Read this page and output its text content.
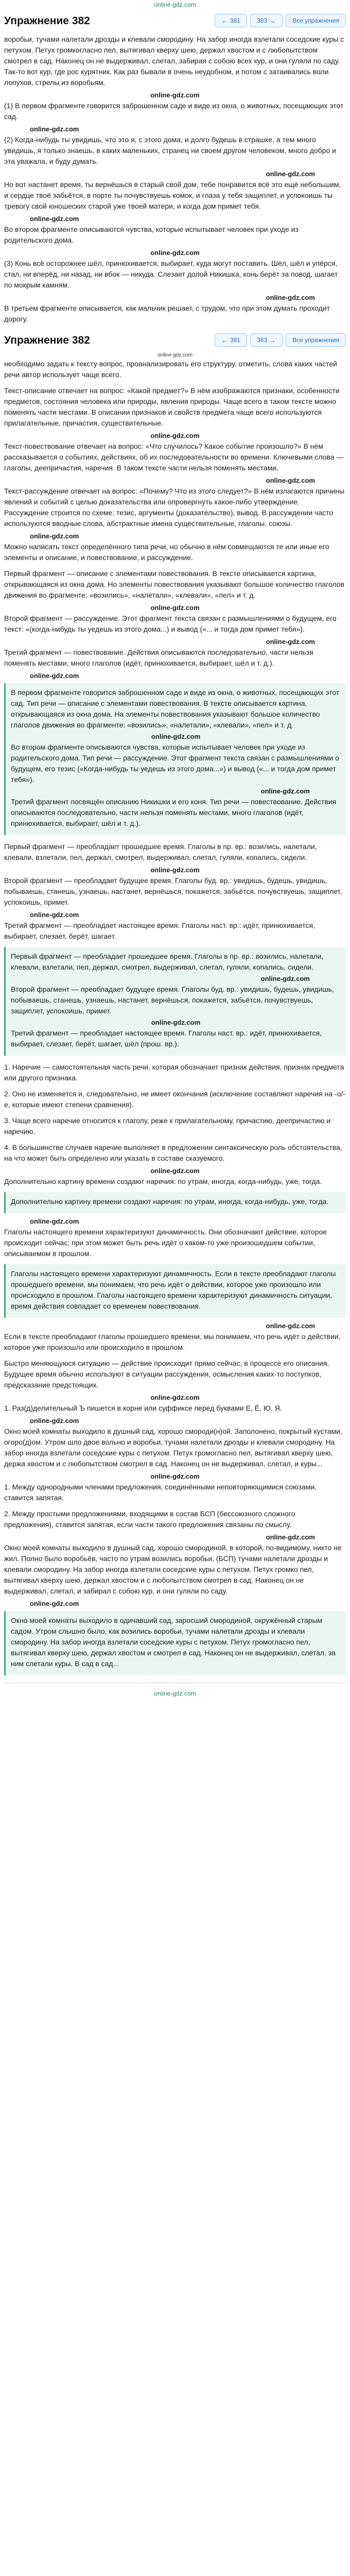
online-gdz.com
Упражнение 382	← 381	383 →	Все упражнения

воробьи, тучами налетали дрозды и клевали смородину. На забор иногда взлетали соседские куры с петухом. Петух громкогласно пел, вытягивал кверху шею, держал хвостом и с любопытством смотрел в сад. Наконец он не выдерживал, слетал, забирая с собою всех кур, и они гуляли по саду. Так-то вот кур, где рос курятник. Как раз бывали в очень неудобном, и потом с затаивались воли лопухов, стрелы из воробьям.

online-gdz.com

(1) В первом фрагменте говорится заброшенном саде и виде из окна, о животных, посещающих этот сад.

online-gdz.com

(2) Когда-нибудь ты увидишь, что это я, с этого дома, и долго будешь в страшке, а тем много увидишь, я только знаешь, в каких маленьких, странец ни своем другом человеком, много добро и эта уважала, и буду думать.

online-gdz.com

Но вот настанет время, ты вернёшься в старый свой дом, тебе понравится всё это ещё небольшим, и сердце твоё забьётся, в порте ты почувствуешь комок, и глаза у тебя защиплет, и успокоишь ты тревогу свой юношеских старой уже твоей матери, и когда дом примет тебя.

online-gdz.com

Во втором фрагменте описываются чувства, которые испытывает человек при уходе из родительского дома.

online-gdz.com

(3) Конь всё осторожнее шёл, принюхивается, выбирает, куда могут поставить. Шёл, шёл и упёрся, стал, ни вперёд, ни назад, ни вбок — никуда. Слезает долой Никишка, конь берёт за повод, шагает по мокрым камням.

online-gdz.com

В третьем фрагменте описывается, как мальчик решает, с трудом, что при этом думать проходит дорогу.

Упражнение 382	← 381	383 →	Все упражнения
online-gdz.com

необходимо задать к тексту вопрос, проанализировать его структуру, отметить, слова каких частей речи автор использует чаще всего.

Текст-описание отвечает на вопрос: «Какой предмет?» В нём изображаются признаки, особенности предметов, состояния человека или природы, явления природы. Чаще всего в таком тексте можно поменять части местами. В описании признаков и свойств предмета чаще всего используются прилагательные, причастия, существительные.

online-gdz.com

Текст-повествование отвечает на вопрос: «Что случилось? Какое событие произошло?» В нём рассказывается о событиях, действиях, об их последовательности во времени. Ключевыми слова — глаголы, деепричастия, наречия. В таком тексте части нельзя поменять местами.

online-gdz.com

Текст-рассуждение отвечает на вопрос: «Почему? Что из этого следует?» В нём излагаются причины явлений и событий с целью доказательства или опровергнуть какое-либо утверждение. Рассуждение строится по схеме: тезис, аргументы (доказательство), вывод. В рассуждении часто используются вводные слова, абстрактные имена существительные, глаголы, союзы.

online-gdz.com

Можно написать текст определённого типа речи, но обычно в нём совмещаются те или иные его элементы и описание, и повествование, и рассуждение.

Первый фрагмент — описание с элементами повествования. В тексте описывается картина, открывающаяся из окна дома. Но элементы повествования указывают большое количество глаголов движения во фрагменте: «возились», «налетали», «клевали», «пел» и т. д.

online-gdz.com

Второй фрагмент — рассуждение. Этот фрагмент текста связан с размышлениями о будущем, его текст: «(когда-нибудь ты уедешь из этого дома...) и вывод («... и тогда дом примет тебя»).

online-gdz.com

Третий фрагмент — повествование. Действия описываются последовательно, части нельзя поменять местами, много глаголов (идёт, принюхивается, выбирает, шёл и т. д.).

online-gdz.com

В первом фрагменте говорится заброшенном саде и виде из окна, о животных, посещающих этот сад. Тип речи — описание с элементами повествования. В тексте описывается картина, открывающаяся из окна дома. На элементы повествования указывают большое количество глаголов движения во фрагменте: «возились», «налетали», «клевали», «пел» и т. д.

online-gdz.com

Во втором фрагменте описываются чувства, которые испытывает человек при уходе из родительского дома. Тип речи — рассуждение. Этот фрагмент текста связан с размышлениями о будущем, его тезис («Когда-нибудь ты уедешь из этого дома...») и вывод («... и тогда дом примет тебя»).

online-gdz.com

Третий фрагмент посвящён описанию Никишки и его коня. Тип речи — повествование. Действия описываются последовательно, части нельзя поменять местами, много глаголов (идёт, принюхивается, выбирает, шёл и т. д.).

Первый фрагмент — преобладает прошедшее время. Глаголы в пр. вр.: возились, налетали, клевали, взлетали, пел, держал, смотрел, выдерживал, слетал, гуляли, копались, сидели.

online-gdz.com

Второй фрагмент — преобладает будущее время. Глаголы буд. вр.: увидишь, будешь, увидишь, побываешь, станешь, узнаешь, настанет, вернёшься, покажется, забьётся, почувствуешь, защиплет, успокоишь, примет.

online-gdz.com

Третий фрагмент — преобладает настоящее время. Глаголы наст. вр.: идёт, принюхивается, выбирает, слезает, берёт, шагает.

Первый фрагмент — преобладает прошедшее время. Глаголы в пр. вр.: возились, налетали, клевали, взлетали, пел, держал, смотрел, выдерживал, слетал, гуляли, копались, сидели.

online-gdz.com

Второй фрагмент — преобладает будущее время. Глаголы буд. вр.: увидишь, будешь, увидишь, побываешь, станешь, узнаешь, настанет, вернёшься, покажется, забьётся, почувствуешь, защиплет, успокоишь, примет.

online-gdz.com

Третий фрагмент — преобладает настоящее время. Глаголы наст. вр.: идёт, принюхивается, выбирает, слезает, берёт, шагает, шёл (прош. вр.).

1. Наречие — самостоятельная часть речи, которая обозначает признак действия, признак предмета или другого признака.
2. Оно не изменяется и, следовательно, не имеет окончания (исключение составляют наречия на -о/-е, которые имеют степени сравнения).
3. Чаще всего наречие относится к глаголу, реже к прилагательному, причастию, деепричастию и наречию.
4. В большинстве случаев наречие выполняет в предложении синтаксическую роль обстоятельства, на что может быть определено или указать в составе сказуемого.
online-gdz.com

Дополнительно картину времени создают наречия: по утрам, иногда, когда-нибудь, уже, тогда.

Дополнительно картину времени создают наречия: по утрам, иногда, когда-нибудь, уже, тогда.

online-gdz.com

Глаголы настоящего времени характеризуют динамичность. Они обозначают действие, которое происходит сейчас; при этом может быть речь идёт о каком-то уже произошедшем событии, описываемом в прошлом.

Глаголы настоящего времени характеризуют динамичность. Если в тексте преобладают глаголы прошедшего времени, мы понимаем, что речь идёт о действии, которое уже произошло или происходило в прошлом. Глаголы настоящего времени характеризуют динамичность ситуации, время действия совпадает со временем повествования.

online-gdz.com

Если в тексте преобладают глаголы прошедшего времени, мы понимаем, что речь идёт о действии, которое уже произошло или происходило в прошлом.

Быстро меняющуюся ситуацию — действие происходит прямо сейчас, в процессе его описания. Будущее время обычно используют в ситуации рассуждения, осмысления каких-то поступков, предсказание предстоящих.

online-gdz.com

1. Раз(д)делительный Ъ пишется в корне или суффиксе перед буквами Е, Ё, Ю, Я.

online-gdz.com

Окно моей комнаты выходило в душный сад, хорошо смороди(н)ой. Заполонено, покрытый кустами, огоро(д)ом. Утром шло двое вольно и воробьи, тучами налетали дрозды и клевали смородину. На забор иногда взлетали соседские куры с петухом. Петух громогласно пел, вытягивал кверху шею, держа хвостом и с любопытством смотрел в сад. Наконец он не выдерживал, слетал, и куры...

online-gdz.com

1. Между однородными членами предложения, соединёнными неповторяющимися союзами, ставится запятая.

2. Между простыми предложениями, входящими в состав БСП (бессоюзного сложного предложения), ставится запятая, если части такого предложения связаны по смыслу.

online-gdz.com

Окно моей комнаты выходило в душный сад, хорошо смородиной, в которой, по-видимому, никто не жил. Полно было воробьёв, часто по утрам возились воробьи, (БСП) тучами налетали дрозды и клевали смородину. На забор иногда взлетали соседские куры с петухом. Петух громко пел, вытягивал кверху шею, держал хвостом и с любопытством смотрел в сад. Наконец он не выдерживал, слетал, и забирал с собою кур, и они гуляли по саду.

online-gdz.com

Окно моей комнаты выходило в одичавший сад, заросший смородиной, окружённый старым садом. Утром слышно было, как возились воробьи, тучами налетали дрозды и клевали смородину. На забор иногда взлетали соседские куры с петухом. Петух громогласно пел, вытягивал кверху шею, держал хвостом и смотрел в сад. Наконец он не выдерживал, слетал, за ним слетали куры. В сад в сад...

online-gdz.com
